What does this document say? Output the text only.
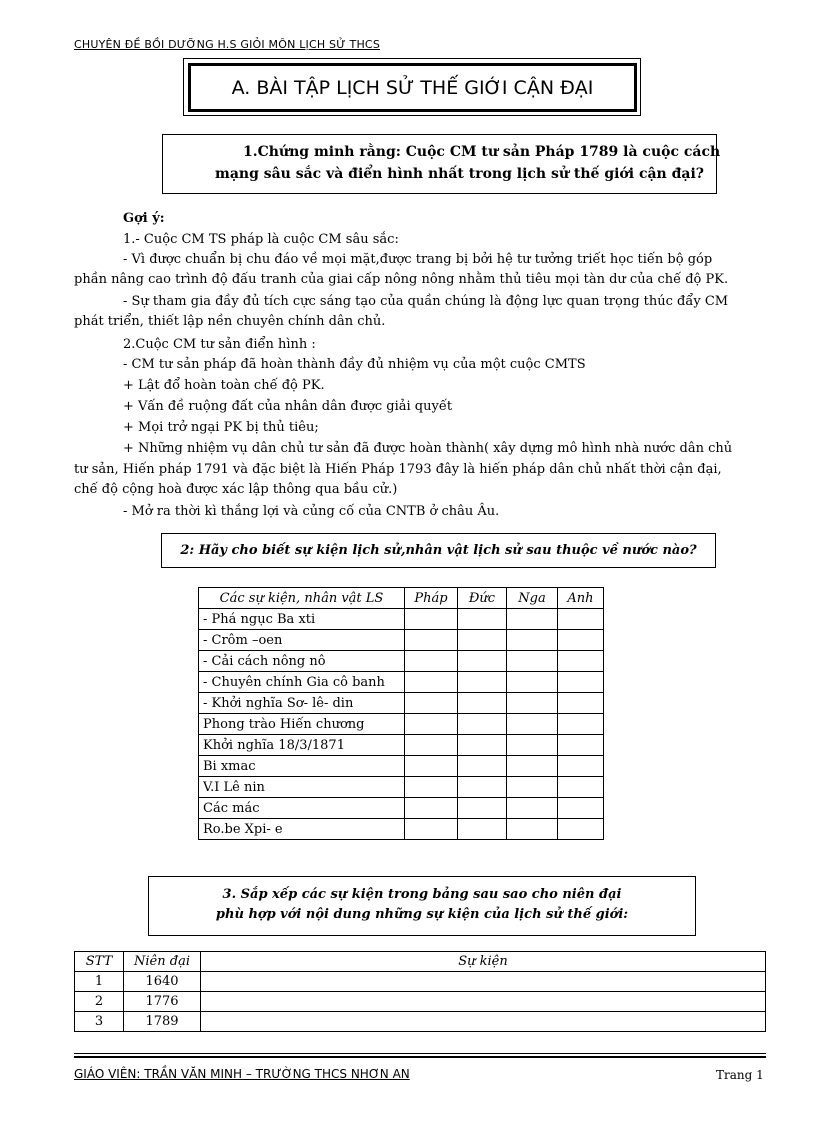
CHUYÊN ĐỀ BỒI DƯỠNG H.S GIỎI MÔN LỊCH SỬ THCS
A. BÀI TẬP LỊCH SỬ THẾ GIỚI CẬN ĐẠI
1.Chứng minh rằng: Cuộc CM tư sản Pháp 1789 là cuộc cách
mạng sâu sắc và điển hình nhất trong lịch sử thế giới cận đại?
Gợi ý:
1.- Cuộc CM TS pháp là cuộc CM sâu sắc:
- Vì được chuẩn bị chu đáo về mọi mặt,được trang bị bởi hệ tư tưởng triết học tiến bộ góp
phần nâng cao trình độ đấu tranh của giai cấp nông nông nhằm thủ tiêu mọi tàn dư của chế độ PK.
- Sự tham gia đầy đủ tích cực sáng tạo của quần chúng là động lực quan trọng thúc đẩy CM
phát triển, thiết lập nền chuyên chính dân chủ.
2.Cuộc CM tư sản điển hình :
- CM tư sản pháp đã hoàn thành đầy đủ nhiệm vụ của một cuộc CMTS
+ Lật đổ hoàn toàn chế độ PK.
+ Vấn đề ruộng đất của nhân dân được giải quyết
+ Mọi trở ngại PK bị thủ tiêu;
+ Những nhiệm vụ dân chủ tư sản đã được hoàn thành( xây dựng mô hình nhà nước dân chủ
tư sản, Hiến pháp 1791 và đặc biệt là Hiến Pháp 1793 đây là hiến pháp dân chủ nhất thời cận đại,
chế độ cộng hoà được xác lập thông qua bầu cử.)
- Mở ra thời kì thắng lợi và củng cố của CNTB ở châu Âu.
2: Hãy cho biết sự kiện lịch sử,nhân vật lịch sử sau thuộc về nước nào?
Các sự kiện, nhân vật LS	Pháp	Đức	Nga	Anh
- Phá ngục Ba xti				
- Crôm –oen				
- Cải cách nông nô				
- Chuyên chính Gia cô banh				
- Khởi nghĩa Sơ- lê- din				
Phong trào Hiến chương				
Khởi nghĩa 18/3/1871				
Bi xmac				
V.I Lê nin				
Các mác				
Ro.be Xpi- e				
3. Sắp xếp các sự kiện trong bảng sau sao cho niên đại
phù hợp với nội dung những sự kiện của lịch sử thế giới:
STT	Niên đại	Sự kiện
1	1640	
2	1776	
3	1789	
GIÁO VIÊN: TRẦN VĂN MINH – TRƯỜNG THCS NHƠN AN	Trang 1
